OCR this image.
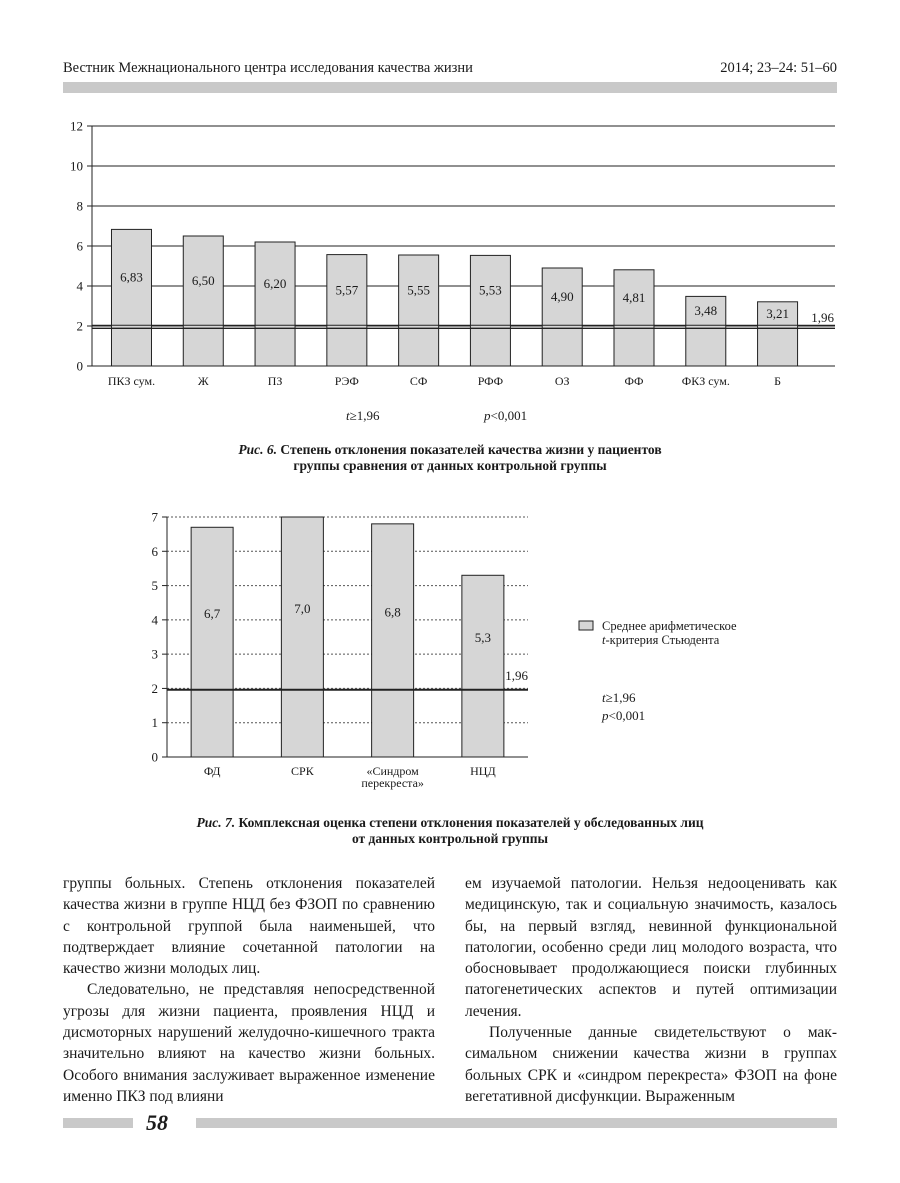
Вестник Межнационального центра исследования качества жизни	2014; 23–24: 51–60
0
2
4
6
8
10
12
6,83
ПКЗ сум.
6,50
Ж
6,20
ПЗ
5,57
РЭФ
5,55
СФ
5,53
РФФ
4,90
ОЗ
4,81
ФФ
3,48
ФКЗ сум.
3,21
Б
1,96
t≥1,96	p<0,001
Рис. 6. Степень отклонения показателей качества жизни у пациентов
группы сравнения от данных контрольной группы
0
1
2
3
4
5
6
7
6,7
ФД
7,0
СРК
6,8
«Синдром
перекреста»
5,3
НЦД
1,96
Среднее арифметическое
t-критерия Стьюдента
t≥1,96
p<0,001
Рис. 7. Комплексная оценка степени отклонения показателей у обследованных лиц
от данных контрольной группы

группы больных. Степень отклонения показателей качества жизни в группе НЦД без ФЗОП по сравнению с контрольной группой была наименьшей, что подтверждает влияние сочетанной патологии на качество жизни молодых лиц.

Следовательно, не представляя непосредственной угрозы для жизни пациента, проявления НЦД и дисмоторных нарушений желудочно-кишечного тракта значительно влияют на качество жизни больных. Особого внимания заслуживает выраженное изменение именно ПКЗ под влияни

ем изучаемой патологии. Нельзя недооценивать как медицинскую, так и социальную значимость, казалось бы, на первый взгляд, невинной функциональной патологии, особенно среди лиц молодого возраста, что обосновывает продолжающиеся поиски глубинных патогенетических аспектов и путей оптимизации лечения.

Полученные данные свидетельствуют о максимальном снижении качества жизни в группах больных СРК и «синдром перекреста» ФЗОП на фоне вегетативной дисфункции. Выраженным

58
